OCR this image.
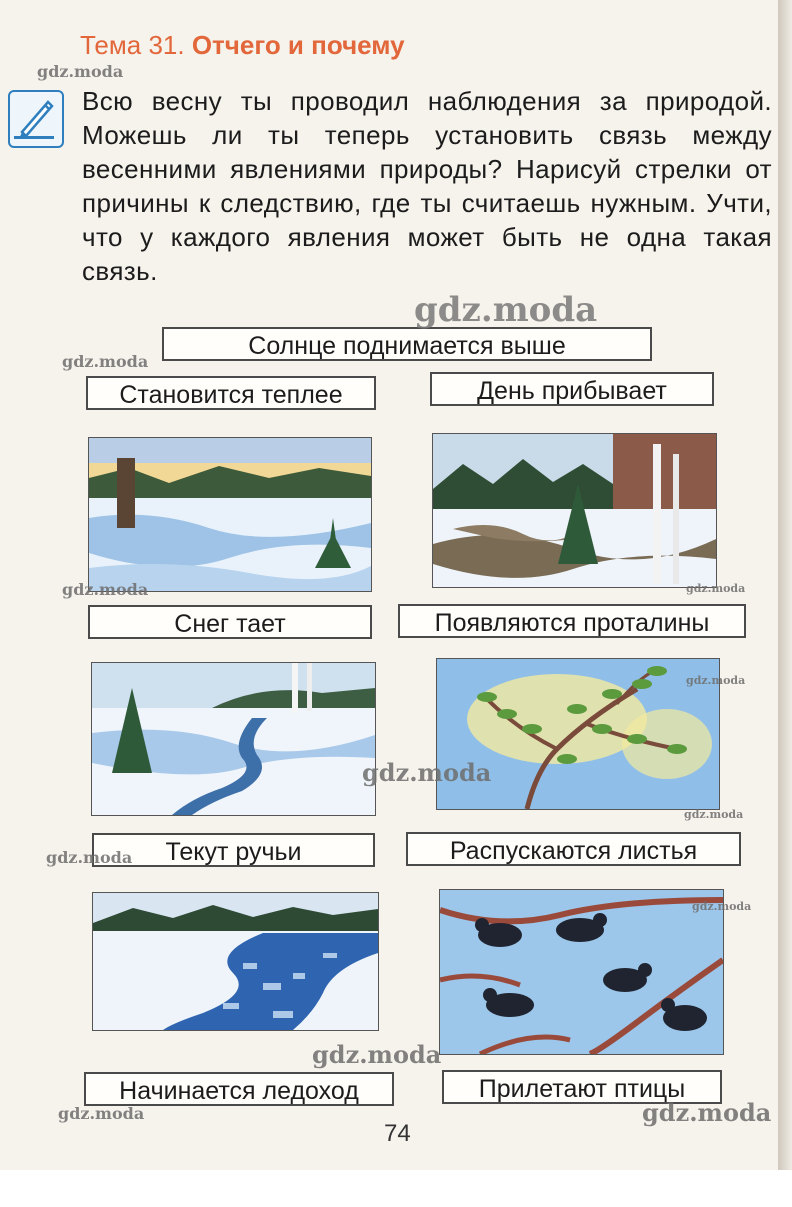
Тема 31. Отчего и почему
Всю весну ты проводил наблюдения за природой. Можешь ли ты теперь установить связь между весенними явлениями природы? Нарисуй стрелки от причины к следствию, где ты считаешь нужным. Учти, что у каждого явления может быть не одна такая связь.
Солнце поднимается выше
Становится теплее	День прибывает
Снег тает	Появляются проталины
Текут ручьи	Распускаются листья
Начинается ледоход	Прилетают птицы
74
gdz.moda
gdz.moda
gdz.moda
gdz.moda	gdz.moda
gdz.moda
gdz.moda
gdz.moda
gdz.moda
gdz.moda
gdz.moda
gdz.moda	gdz.moda
